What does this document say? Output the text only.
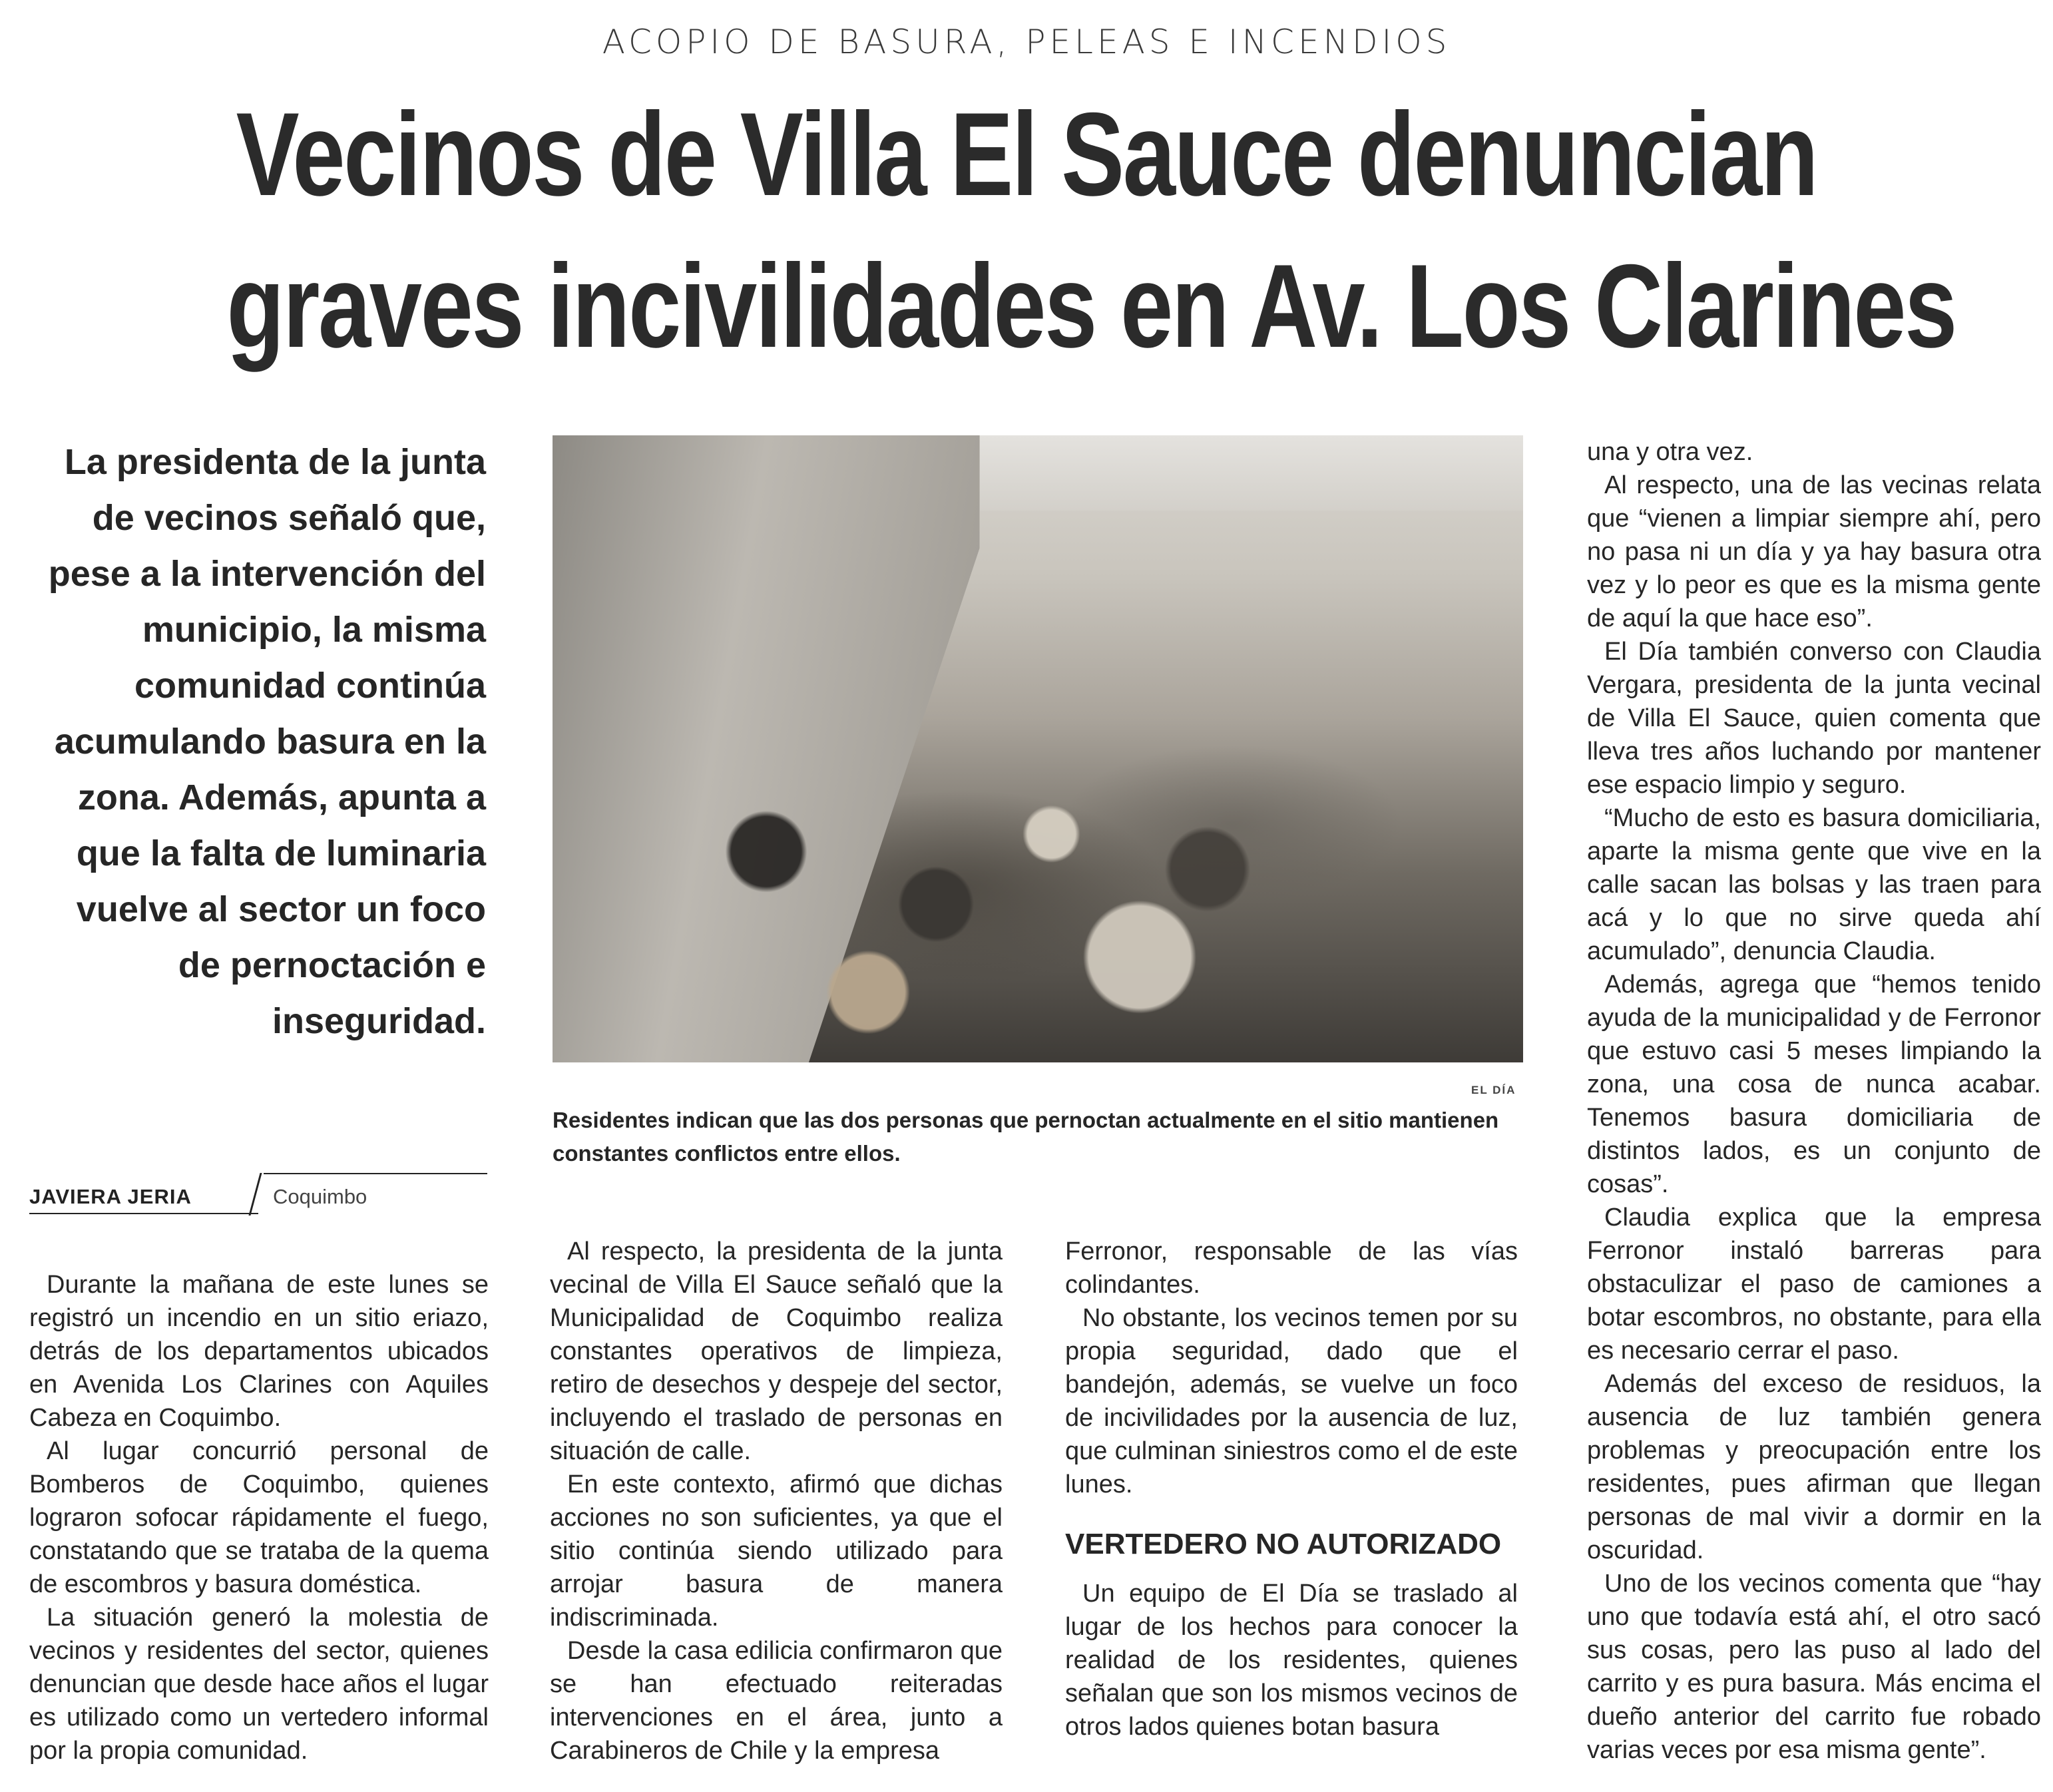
ACOPIO DE BASURA, PELEAS E INCENDIOS
Vecinos de Villa El Sauce denuncian
graves incivilidades en Av. Los Clarines
La presidenta de la junta de vecinos señaló que, pese a la intervención del municipio, la misma comunidad continúa acumulando basura en la zona. Además, apunta a que la falta de luminaria vuelve al sector un foco de pernoctación e inseguridad.
EL DÍA
Residentes indican que las dos personas que pernoctan actualmente en el sitio mantienen constantes conflictos entre ellos.
JAVIERA JERIA	Coquimbo

Durante la mañana de este lunes se registró un incendio en un sitio eriazo, detrás de los departamentos ubicados en Avenida Los Clarines con Aquiles Cabeza en Coquimbo.

Al lugar concurrió personal de Bomberos de Coquimbo, quienes lograron sofocar rápidamente el fuego, constatando que se trataba de la quema de escombros y basura doméstica.

La situación generó la molestia de vecinos y residentes del sector, quienes denuncian que desde hace años el lugar es utilizado como un vertedero informal por la propia comunidad.

Al respecto, la presidenta de la junta vecinal de Villa El Sauce señaló que la Municipalidad de Coquimbo realiza constantes operativos de limpieza, retiro de desechos y despeje del sector, incluyendo el traslado de personas en situación de calle.

En este contexto, afirmó que dichas acciones no son suficientes, ya que el sitio continúa siendo utilizado para arrojar basura de manera indiscriminada.

Desde la casa edilicia confirmaron que se han efectuado reiteradas intervenciones en el área, junto a Carabineros de Chile y la empresa

Ferronor, responsable de las vías colindantes.

No obstante, los vecinos temen por su propia seguridad, dado que el bandejón, además, se vuelve un foco de incivilidades por la ausencia de luz, que culminan siniestros como el de este lunes.

VERTEDERO NO AUTORIZADO

Un equipo de El Día se traslado al lugar de los hechos para conocer la realidad de los residentes, quienes señalan que son los mismos vecinos de otros lados quienes botan basura

una y otra vez.

Al respecto, una de las vecinas relata que “vienen a limpiar siempre ahí, pero no pasa ni un día y ya hay basura otra vez y lo peor es que es la misma gente de aquí la que hace eso”.

El Día también converso con Claudia Vergara, presidenta de la junta vecinal de Villa El Sauce, quien comenta que lleva tres años luchando por mantener ese espacio limpio y seguro.

“Mucho de esto es basura domiciliaria, aparte la misma gente que vive en la calle sacan las bolsas y las traen para acá y lo que no sirve queda ahí acumulado”, denuncia Claudia.

Además, agrega que “hemos tenido ayuda de la municipalidad y de Ferronor que estuvo casi 5 meses limpiando la zona, una cosa de nunca acabar. Tenemos basura domiciliaria de distintos lados, es un conjunto de cosas”.

Claudia explica que la empresa Ferronor instaló barreras para obstaculizar el paso de camiones a botar escombros, no obstante, para ella es necesario cerrar el paso.

Además del exceso de residuos, la ausencia de luz también genera problemas y preocupación entre los residentes, pues afirman que llegan personas de mal vivir a dormir en la oscuridad.

Uno de los vecinos comenta que “hay uno que todavía está ahí, el otro sacó sus cosas, pero las puso al lado del carrito y es pura basura. Más encima el dueño anterior del carrito fue robado varias veces por esa misma gente”.
